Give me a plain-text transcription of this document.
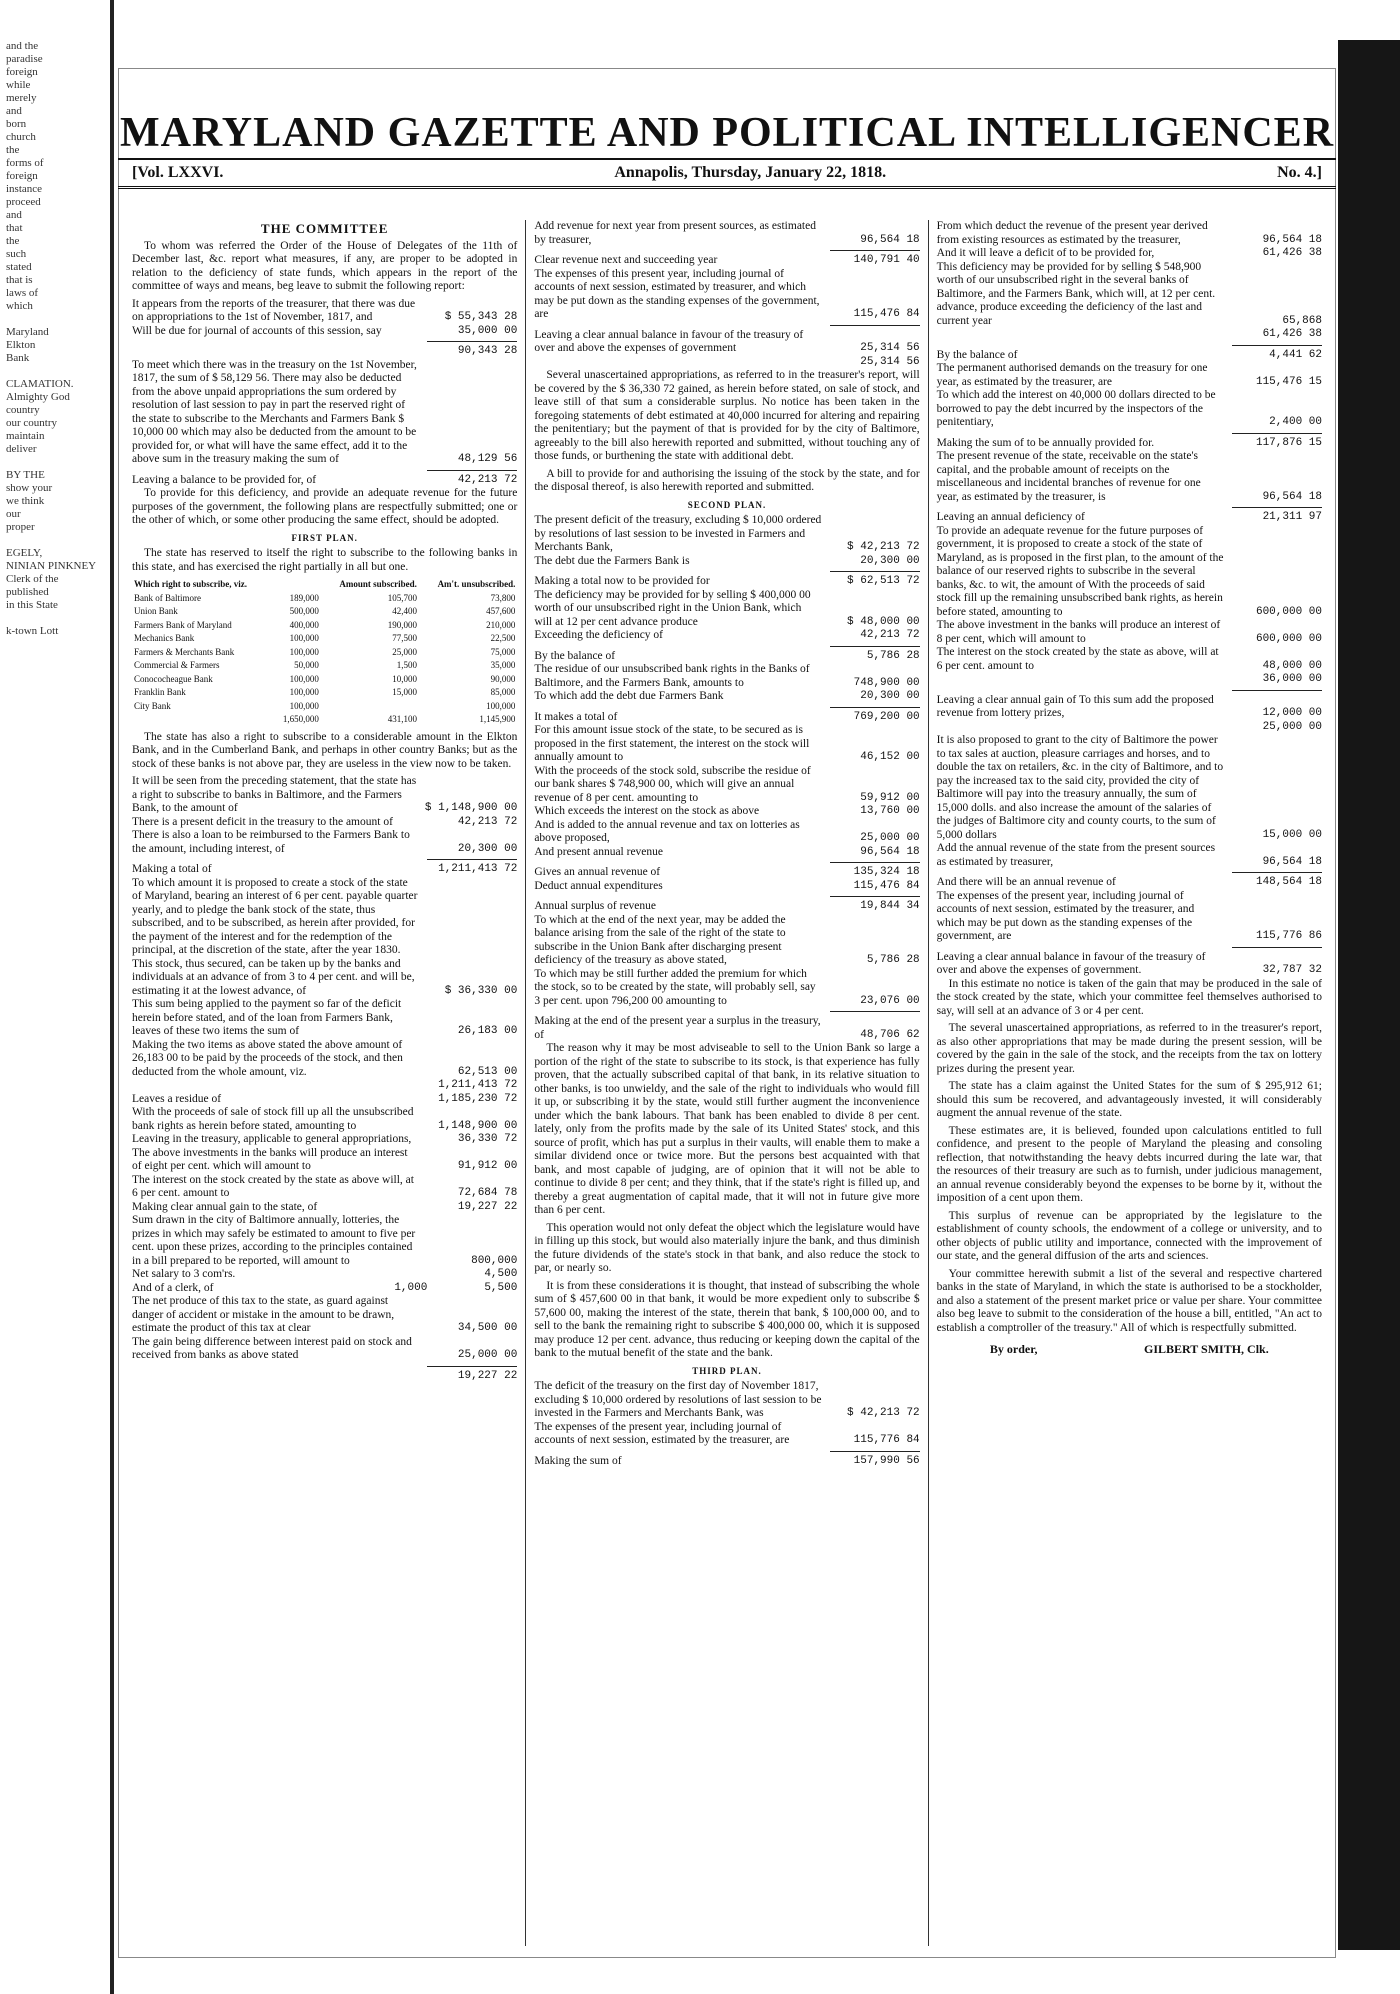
and the
paradise
foreign
while
merely
and
born
church
the
forms of
foreign
instance
proceed
and
that
the
such
stated
that is
laws of
which

Maryland
Elkton
Bank

CLAMATION.
Almighty God
country
our country
maintain
deliver

BY THE
show your
we think
our
proper

EGELY,
NINIAN PINKNEY
Clerk of the
published
in this State

k-town Lott
MARYLAND GAZETTE AND POLITICAL INTELLIGENCER
[Vol. LXXVI.	Annapolis, Thursday, January 22, 1818.	No. 4.]
THE COMMITTEE
To whom was referred the Order of the House of Delegates of the 11th of December last, &c. report what measures, if any, are proper to be adopted in relation to the deficiency of state funds, which appears in the report of the committee of ways and means, beg leave to submit the following report:
It appears from the reports of the treasurer, that there was due on appropriations to the 1st of November, 1817, and	$ 55,343 28
Will be due for journal of accounts of this session, say	35,000 00
90,343 28
To meet which there was in the treasury on the 1st November, 1817, the sum of $ 58,129 56. There may also be deducted from the above unpaid appropriations the sum ordered by resolution of last session to pay in part the reserved right of the state to subscribe to the Merchants and Farmers Bank $ 10,000 00 which may also be deducted from the amount to be provided for, or what will have the same effect, add it to the above sum in the treasury making the sum of	48,129 56
Leaving a balance to be provided for, of	42,213 72
To provide for this deficiency, and provide an adequate revenue for the future purposes of the government, the following plans are respectfully submitted; one or the other of which, or some other producing the same effect, should be adopted.
FIRST PLAN.
The state has reserved to itself the right to subscribe to the following banks in this state, and has exercised the right partially in all but one.
Which right to subscribe, viz.		Amount subscribed.	Am't. unsubscribed.
Bank of Baltimore	189,000	105,700	73,800
Union Bank	500,000	42,400	457,600
Farmers Bank of Maryland	400,000	190,000	210,000
Mechanics Bank	100,000	77,500	22,500
Farmers & Merchants Bank	100,000	25,000	75,000
Commercial & Farmers	50,000	1,500	35,000
Conococheague Bank	100,000	10,000	90,000
Franklin Bank	100,000	15,000	85,000
City Bank	100,000		100,000
	1,650,000	431,100	1,145,900
The state has also a right to subscribe to a considerable amount in the Elkton Bank, and in the Cumberland Bank, and perhaps in other country Banks; but as the stock of these banks is not above par, they are useless in the view now to be taken.
It will be seen from the preceding statement, that the state has a right to subscribe to banks in Baltimore, and the Farmers Bank, to the amount of	$ 1,148,900 00
There is a present deficit in the treasury to the amount of	42,213 72
There is also a loan to be reimbursed to the Farmers Bank to the amount, including interest, of	20,300 00
Making a total of	1,211,413 72
To which amount it is proposed to create a stock of the state of Maryland, bearing an interest of 6 per cent. payable quarter yearly, and to pledge the bank stock of the state, thus subscribed, and to be subscribed, as herein after provided, for the payment of the interest and for the redemption of the principal, at the discretion of the state, after the year 1830. This stock, thus secured, can be taken up by the banks and individuals at an advance of from 3 to 4 per cent. and will be, estimating it at the lowest advance, of	$ 36,330 00
This sum being applied to the payment so far of the deficit herein before stated, and of the loan from Farmers Bank, leaves of these two items the sum of	26,183 00
Making the two items as above stated the above amount of 26,183 00 to be paid by the proceeds of the stock, and then deducted from the whole amount, viz.	62,513 00
1,211,413 72
Leaves a residue of	1,185,230 72
With the proceeds of sale of stock fill up all the unsubscribed bank rights as herein before stated, amounting to	1,148,900 00
Leaving in the treasury, applicable to general appropriations,	36,330 72
The above investments in the banks will produce an interest of eight per cent. which will amount to	91,912 00
The interest on the stock created by the state as above will, at 6 per cent. amount to	72,684 78
Making clear annual gain to the state, of	19,227 22
Sum drawn in the city of Baltimore annually, lotteries, the prizes in which may safely be estimated to amount to five per cent. upon these prizes, according to the principles contained in a bill prepared to be reported, will amount to	800,000
Net salary to 3 com'rs.	4,500
And of a clerk, of	1,000	5,500
The net produce of this tax to the state, as guard against danger of accident or mistake in the amount to be drawn, estimate the product of this tax at clear	34,500 00
The gain being difference between interest paid on stock and received from banks as above stated	25,000 00
19,227 22
Add revenue for next year from present sources, as estimated by treasurer,	96,564 18
Clear revenue next and succeeding year	140,791 40
The expenses of this present year, including journal of accounts of next session, estimated by treasurer, and which may be put down as the standing expenses of the government, are	115,476 84
Leaving a clear annual balance in favour of the treasury of over and above the expenses of government	25,314 56
25,314 56
Several unascertained appropriations, as referred to in the treasurer's report, will be covered by the $ 36,330 72 gained, as herein before stated, on sale of stock, and leave still of that sum a considerable surplus. No notice has been taken in the foregoing statements of debt estimated at 40,000 incurred for altering and repairing the penitentiary; but the payment of that is provided for by the city of Baltimore, agreeably to the bill also herewith reported and submitted, without touching any of those funds, or burthening the state with additional debt.
A bill to provide for and authorising the issuing of the stock by the state, and for the disposal thereof, is also herewith reported and submitted.
SECOND PLAN.
The present deficit of the treasury, excluding $ 10,000 ordered by resolutions of last session to be invested in Farmers and Merchants Bank,	$ 42,213 72
The debt due the Farmers Bank is	20,300 00
Making a total now to be provided for	$ 62,513 72
The deficiency may be provided for by selling $ 400,000 00 worth of our unsubscribed right in the Union Bank, which will at 12 per cent advance produce	$ 48,000 00
Exceeding the deficiency of	42,213 72
By the balance of	5,786 28
The residue of our unsubscribed bank rights in the Banks of Baltimore, and the Farmers Bank, amounts to	748,900 00
To which add the debt due Farmers Bank	20,300 00
It makes a total of	769,200 00
For this amount issue stock of the state, to be secured as is proposed in the first statement, the interest on the stock will annually amount to	46,152 00
With the proceeds of the stock sold, subscribe the residue of our bank shares $ 748,900 00, which will give an annual revenue of 8 per cent. amounting to	59,912 00
Which exceeds the interest on the stock as above	13,760 00
And is added to the annual revenue and tax on lotteries as above proposed,	25,000 00
And present annual revenue	96,564 18
Gives an annual revenue of	135,324 18
Deduct annual expenditures	115,476 84
Annual surplus of revenue	19,844 34
To which at the end of the next year, may be added the balance arising from the sale of the right of the state to subscribe in the Union Bank after discharging present deficiency of the treasury as above stated,	5,786 28
To which may be still further added the premium for which the stock, so to be created by the state, will probably sell, say 3 per cent. upon 796,200 00 amounting to	23,076 00
Making at the end of the present year a surplus in the treasury, of	48,706 62
The reason why it may be most adviseable to sell to the Union Bank so large a portion of the right of the state to subscribe to its stock, is that experience has fully proven, that the actually subscribed capital of that bank, in its relative situation to other banks, is too unwieldy, and the sale of the right to individuals who would fill it up, or subscribing it by the state, would still further augment the inconvenience under which the bank labours. That bank has been enabled to divide 8 per cent. lately, only from the profits made by the sale of its United States' stock, and this source of profit, which has put a surplus in their vaults, will enable them to make a similar dividend once or twice more. But the persons best acquainted with that bank, and most capable of judging, are of opinion that it will not be able to continue to divide 8 per cent; and they think, that if the state's right is filled up, and thereby a great augmentation of capital made, that it will not in future give more than 6 per cent.
This operation would not only defeat the object which the legislature would have in filling up this stock, but would also materially injure the bank, and thus diminish the future dividends of the state's stock in that bank, and also reduce the stock to par, or nearly so.
It is from these considerations it is thought, that instead of subscribing the whole sum of $ 457,600 00 in that bank, it would be more expedient only to subscribe $ 57,600 00, making the interest of the state, therein that bank, $ 100,000 00, and to sell to the bank the remaining right to subscribe $ 400,000 00, which it is supposed may produce 12 per cent. advance, thus reducing or keeping down the capital of the bank to the mutual benefit of the state and the bank.
THIRD PLAN.
The deficit of the treasury on the first day of November 1817, excluding $ 10,000 ordered by resolutions of last session to be invested in the Farmers and Merchants Bank, was	$ 42,213 72
The expenses of the present year, including journal of accounts of next session, estimated by the treasurer, are	115,776 84
Making the sum of	157,990 56
From which deduct the revenue of the present year derived from existing resources as estimated by the treasurer,	96,564 18
And it will leave a deficit of to be provided for,	61,426 38
This deficiency may be provided for by selling $ 548,900 worth of our unsubscribed right in the several banks of Baltimore, and the Farmers Bank, which will, at 12 per cent. advance, produce exceeding the deficiency of the last and current year	65,868
61,426 38
By the balance of	4,441 62
The permanent authorised demands on the treasury for one year, as estimated by the treasurer, are	115,476 15
To which add the interest on 40,000 00 dollars directed to be borrowed to pay the debt incurred by the inspectors of the penitentiary,	2,400 00
Making the sum of to be annually provided for.	117,876 15
The present revenue of the state, receivable on the state's capital, and the probable amount of receipts on the miscellaneous and incidental branches of revenue for one year, as estimated by the treasurer, is	96,564 18
Leaving an annual deficiency of	21,311 97
To provide an adequate revenue for the future purposes of government, it is proposed to create a stock of the state of Maryland, as is proposed in the first plan, to the amount of the balance of our reserved rights to subscribe in the several banks, &c. to wit, the amount of With the proceeds of said stock fill up the remaining unsubscribed bank rights, as herein before stated, amounting to	600,000 00
The above investment in the banks will produce an interest of 8 per cent, which will amount to	600,000 00
The interest on the stock created by the state as above, will at 6 per cent. amount to	48,000 00
36,000 00
Leaving a clear annual gain of To this sum add the proposed revenue from lottery prizes,	12,000 00
25,000 00
It is also proposed to grant to the city of Baltimore the power to tax sales at auction, pleasure carriages and horses, and to double the tax on retailers, &c. in the city of Baltimore, and to pay the increased tax to the said city, provided the city of Baltimore will pay into the treasury annually, the sum of 15,000 dolls. and also increase the amount of the salaries of the judges of Baltimore city and county courts, to the sum of 5,000 dollars	15,000 00
Add the annual revenue of the state from the present sources as estimated by treasurer,	96,564 18
And there will be an annual revenue of	148,564 18
The expenses of the present year, including journal of accounts of next session, estimated by the treasurer, and which may be put down as the standing expenses of the government, are	115,776 86
Leaving a clear annual balance in favour of the treasury of over and above the expenses of government.	32,787 32
In this estimate no notice is taken of the gain that may be produced in the sale of the stock created by the state, which your committee feel themselves authorised to say, will sell at an advance of 3 or 4 per cent.
The several unascertained appropriations, as referred to in the treasurer's report, as also other appropriations that may be made during the present session, will be covered by the gain in the sale of the stock, and the receipts from the tax on lottery prizes during the present year.
The state has a claim against the United States for the sum of $ 295,912 61; should this sum be recovered, and advantageously invested, it will considerably augment the annual revenue of the state.
These estimates are, it is believed, founded upon calculations entitled to full confidence, and present to the people of Maryland the pleasing and consoling reflection, that notwithstanding the heavy debts incurred during the late war, that the resources of their treasury are such as to furnish, under judicious management, an annual revenue considerably beyond the expenses to be borne by it, without the imposition of a cent upon them.
This surplus of revenue can be appropriated by the legislature to the establishment of county schools, the endowment of a college or university, and to other objects of public utility and importance, connected with the improvement of our state, and the general diffusion of the arts and sciences.
Your committee herewith submit a list of the several and respective chartered banks in the state of Maryland, in which the state is authorised to be a stockholder, and also a statement of the present market price or value per share. Your committee also beg leave to submit to the consideration of the house a bill, entitled, "An act to establish a comptroller of the treasury." All of which is respectfully submitted.
By order,	GILBERT SMITH, Clk.
